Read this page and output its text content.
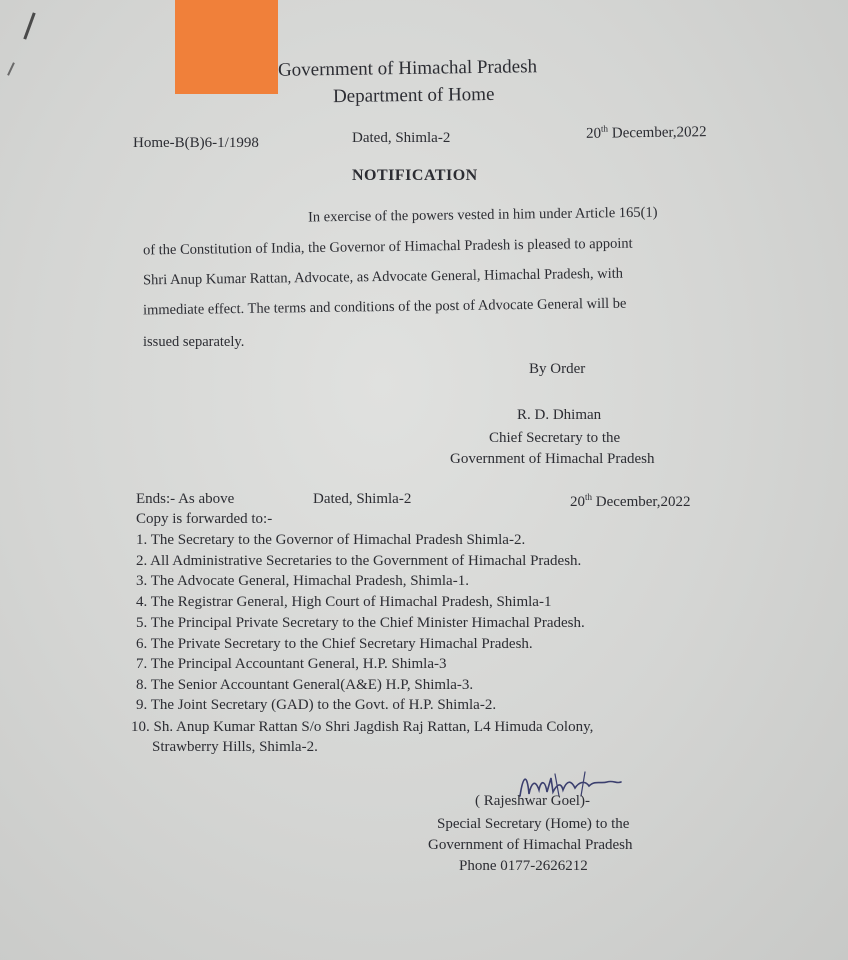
Government of Himachal Pradesh
Department of Home
Home-B(B)6-1/1998	Dated, Shimla-2	20th December,2022
NOTIFICATION
In exercise of the powers vested in him under Article 165(1)
of the Constitution of India, the Governor of Himachal Pradesh is pleased to appoint
Shri Anup Kumar Rattan, Advocate, as Advocate General, Himachal Pradesh, with
immediate effect. The terms and conditions of the post of Advocate General will be
issued separately.
By Order
R. D. Dhiman
Chief Secretary to the
Government of Himachal Pradesh
Ends:- As above	Dated, Shimla-2	20th December,2022
Copy is forwarded to:-
1. The Secretary to the Governor of Himachal Pradesh Shimla-2.
2. All Administrative Secretaries to the Government of Himachal Pradesh.
3. The Advocate General, Himachal Pradesh, Shimla-1.
4. The Registrar General, High Court of Himachal Pradesh, Shimla-1
5. The Principal Private Secretary to the Chief Minister Himachal Pradesh.
6. The Private Secretary to the Chief Secretary Himachal Pradesh.
7. The Principal Accountant General, H.P. Shimla-3
8. The Senior Accountant General(A&E) H.P, Shimla-3.
9. The Joint Secretary (GAD) to the Govt. of H.P. Shimla-2.
10. Sh. Anup Kumar Rattan S/o Shri Jagdish Raj Rattan, L4 Himuda Colony,
Strawberry Hills, Shimla-2.
( Rajeshwar Goel)-
Special Secretary (Home) to the
Government of Himachal Pradesh
Phone 0177-2626212
